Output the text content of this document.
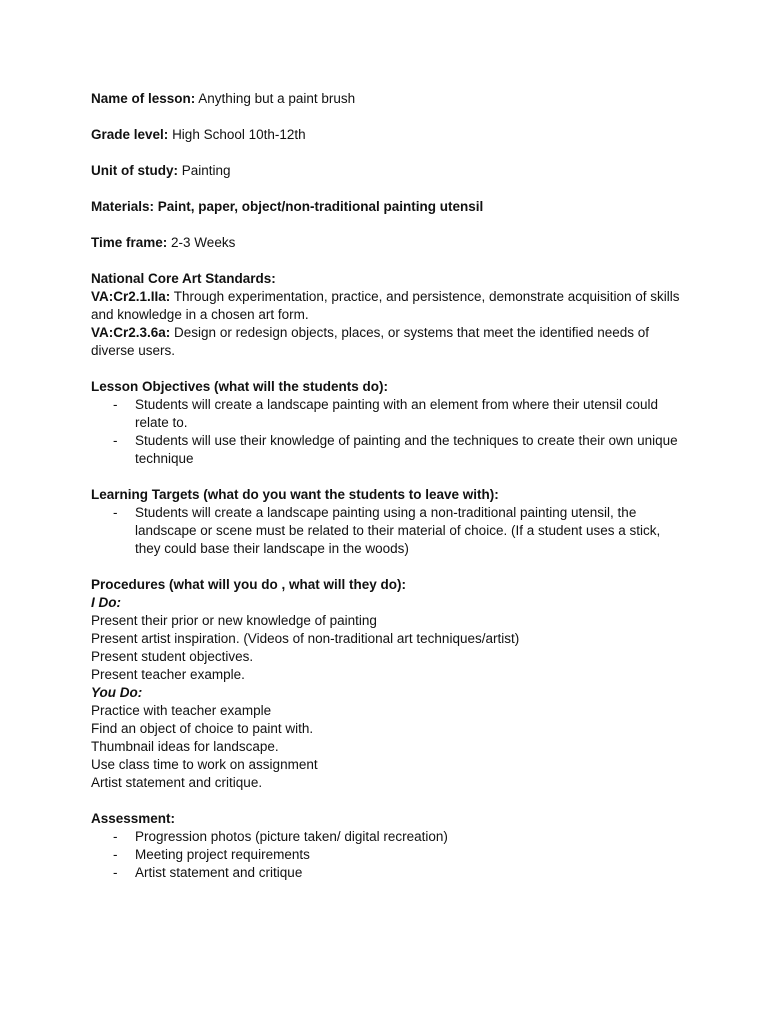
Name of lesson: Anything but a paint brush

Grade level: High School 10th-12th

Unit of study: Painting

Materials: Paint, paper, object/non-traditional painting utensil

Time frame: 2-3 Weeks

National Core Art Standards:

VA:Cr2.1.IIa: Through experimentation, practice, and persistence, demonstrate acquisition of skills and knowledge in a chosen art form.

VA:Cr2.3.6a: Design or redesign objects, places, or systems that meet the identified needs of diverse users.

Lesson Objectives (what will the students do):

-	Students will create a landscape painting with an element from where their utensil could relate to.
-	Students will use their knowledge of painting and the techniques to create their own unique technique

Learning Targets (what do you want the students to leave with):

-	Students will create a landscape painting using a non-traditional painting utensil, the landscape or scene must be related to their material of choice. (If a student uses a stick, they could base their landscape in the woods)

Procedures (what will you do , what will they do):

I Do:

Present their prior or new knowledge of painting

Present artist inspiration. (Videos of non-traditional art techniques/artist)

Present student objectives.

Present teacher example.

You Do:

Practice with teacher example

Find an object of choice to paint with.

Thumbnail ideas for landscape.

Use class time to work on assignment

Artist statement and critique.

Assessment:

-	Progression photos (picture taken/ digital recreation)
-	Meeting project requirements
-	Artist statement and critique
